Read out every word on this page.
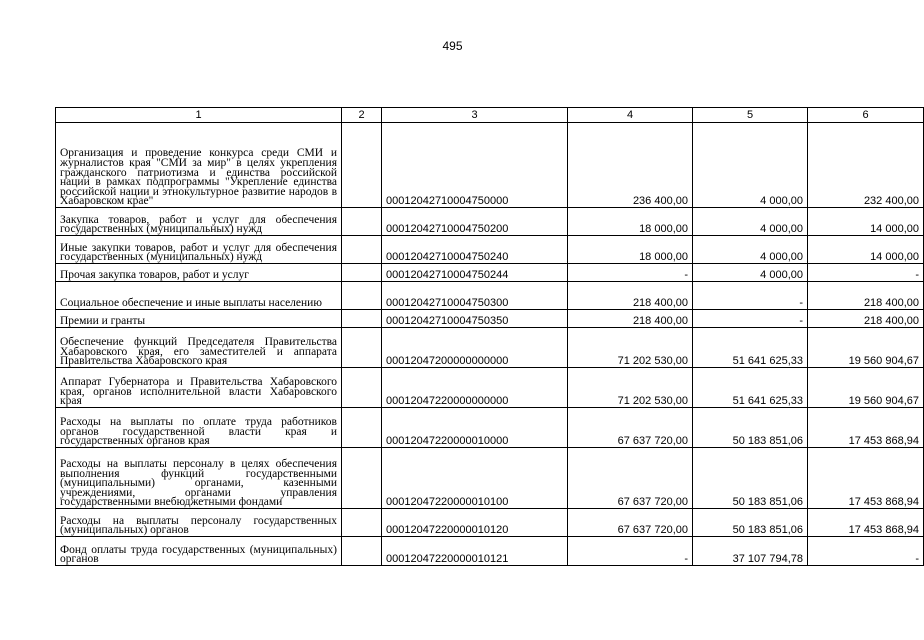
495
1	2	3	4	5	6
Организация и проведение конкурса среди СМИ и журналистов края "СМИ за мир" в целях укрепления гражданского патриотизма и единства российской нации в рамках подпрограммы "Укрепление единства российской нации и этнокультурное развитие народов в Хабаровском крае"		00012042710004750000	236 400,00	4 000,00	232 400,00
Закупка товаров, работ и услуг для обеспечения государственных (муниципальных) нужд		00012042710004750200	18 000,00	4 000,00	14 000,00
Иные закупки товаров, работ и услуг для обеспечения государственных (муниципальных) нужд		00012042710004750240	18 000,00	4 000,00	14 000,00
Прочая закупка товаров, работ и услуг		00012042710004750244	-	4 000,00	-
Социальное обеспечение и иные выплаты населению		00012042710004750300	218 400,00	-	218 400,00
Премии и гранты		00012042710004750350	218 400,00	-	218 400,00
Обеспечение функций Председателя Правительства Хабаровского края, его заместителей и аппарата Правительства Хабаровского края		00012047200000000000	71 202 530,00	51 641 625,33	19 560 904,67
Аппарат Губернатора и Правительства Хабаровского края, органов исполнительной власти Хабаровского края		00012047220000000000	71 202 530,00	51 641 625,33	19 560 904,67
Расходы на выплаты по оплате труда работников органов государственной власти края и государственных органов края		00012047220000010000	67 637 720,00	50 183 851,06	17 453 868,94
Расходы на выплаты персоналу в целях обеспечения выполнения функций государственными (муниципальными) органами, казенными учреждениями, органами управления государственными внебюджетными фондами		00012047220000010100	67 637 720,00	50 183 851,06	17 453 868,94
Расходы на выплаты персоналу государственных (муниципальных) органов		00012047220000010120	67 637 720,00	50 183 851,06	17 453 868,94
Фонд оплаты труда государственных (муниципальных) органов		00012047220000010121	-	37 107 794,78	-
